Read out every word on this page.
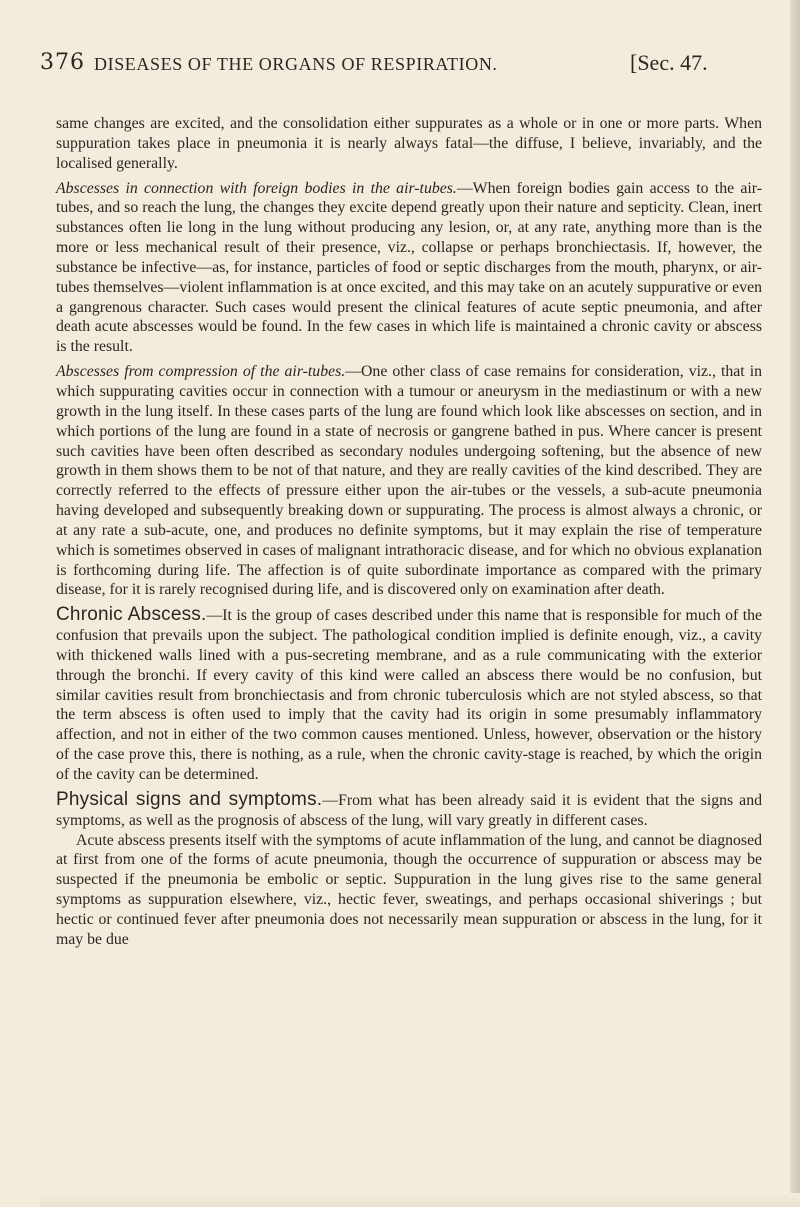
376 DISEASES OF THE ORGANS OF RESPIRATION.	[Sec. 47.

same changes are excited, and the consolidation either suppurates as a whole or in one or more parts. When suppuration takes place in pneumonia it is nearly always fatal—the diffuse, I believe, invariably, and the localised generally.

Abscesses in connection with foreign bodies in the air-tubes.—When foreign bodies gain access to the air-tubes, and so reach the lung, the changes they excite depend greatly upon their nature and septicity. Clean, inert substances often lie long in the lung without producing any lesion, or, at any rate, anything more than is the more or less mechanical result of their presence, viz., collapse or perhaps bronchiectasis. If, however, the substance be infective—as, for instance, particles of food or septic discharges from the mouth, pharynx, or air-tubes themselves—violent inflammation is at once excited, and this may take on an acutely suppurative or even a gangrenous character. Such cases would present the clinical features of acute septic pneumonia, and after death acute abscesses would be found. In the few cases in which life is maintained a chronic cavity or abscess is the result.

Abscesses from compression of the air-tubes.—One other class of case remains for consideration, viz., that in which suppurating cavities occur in connection with a tumour or aneurysm in the mediastinum or with a new growth in the lung itself. In these cases parts of the lung are found which look like abscesses on section, and in which portions of the lung are found in a state of necrosis or gangrene bathed in pus. Where cancer is present such cavities have been often described as secondary nodules undergoing softening, but the absence of new growth in them shows them to be not of that nature, and they are really cavities of the kind described. They are correctly referred to the effects of pressure either upon the air-tubes or the vessels, a sub-acute pneumonia having developed and subsequently breaking down or suppurating. The process is almost always a chronic, or at any rate a sub-acute, one, and produces no definite symptoms, but it may explain the rise of temperature which is sometimes observed in cases of malignant intrathoracic disease, and for which no obvious explanation is forthcoming during life. The affection is of quite subordinate importance as compared with the primary disease, for it is rarely recognised during life, and is discovered only on examination after death.

Chronic Abscess.—It is the group of cases described under this name that is responsible for much of the confusion that prevails upon the subject. The pathological condition implied is definite enough, viz., a cavity with thickened walls lined with a pus-secreting membrane, and as a rule communicating with the exterior through the bronchi. If every cavity of this kind were called an abscess there would be no confusion, but similar cavities result from bronchiectasis and from chronic tuberculosis which are not styled abscess, so that the term abscess is often used to imply that the cavity had its origin in some presumably inflammatory affection, and not in either of the two common causes mentioned. Unless, however, observation or the history of the case prove this, there is nothing, as a rule, when the chronic cavity-stage is reached, by which the origin of the cavity can be determined.

Physical signs and symptoms.—From what has been already said it is evident that the signs and symptoms, as well as the prognosis of abscess of the lung, will vary greatly in different cases.

Acute abscess presents itself with the symptoms of acute inflammation of the lung, and cannot be diagnosed at first from one of the forms of acute pneumonia, though the occurrence of suppuration or abscess may be suspected if the pneumonia be embolic or septic. Suppuration in the lung gives rise to the same general symptoms as suppuration elsewhere, viz., hectic fever, sweatings, and perhaps occasional shiverings ; but hectic or continued fever after pneumonia does not necessarily mean suppuration or abscess in the lung, for it may be due
